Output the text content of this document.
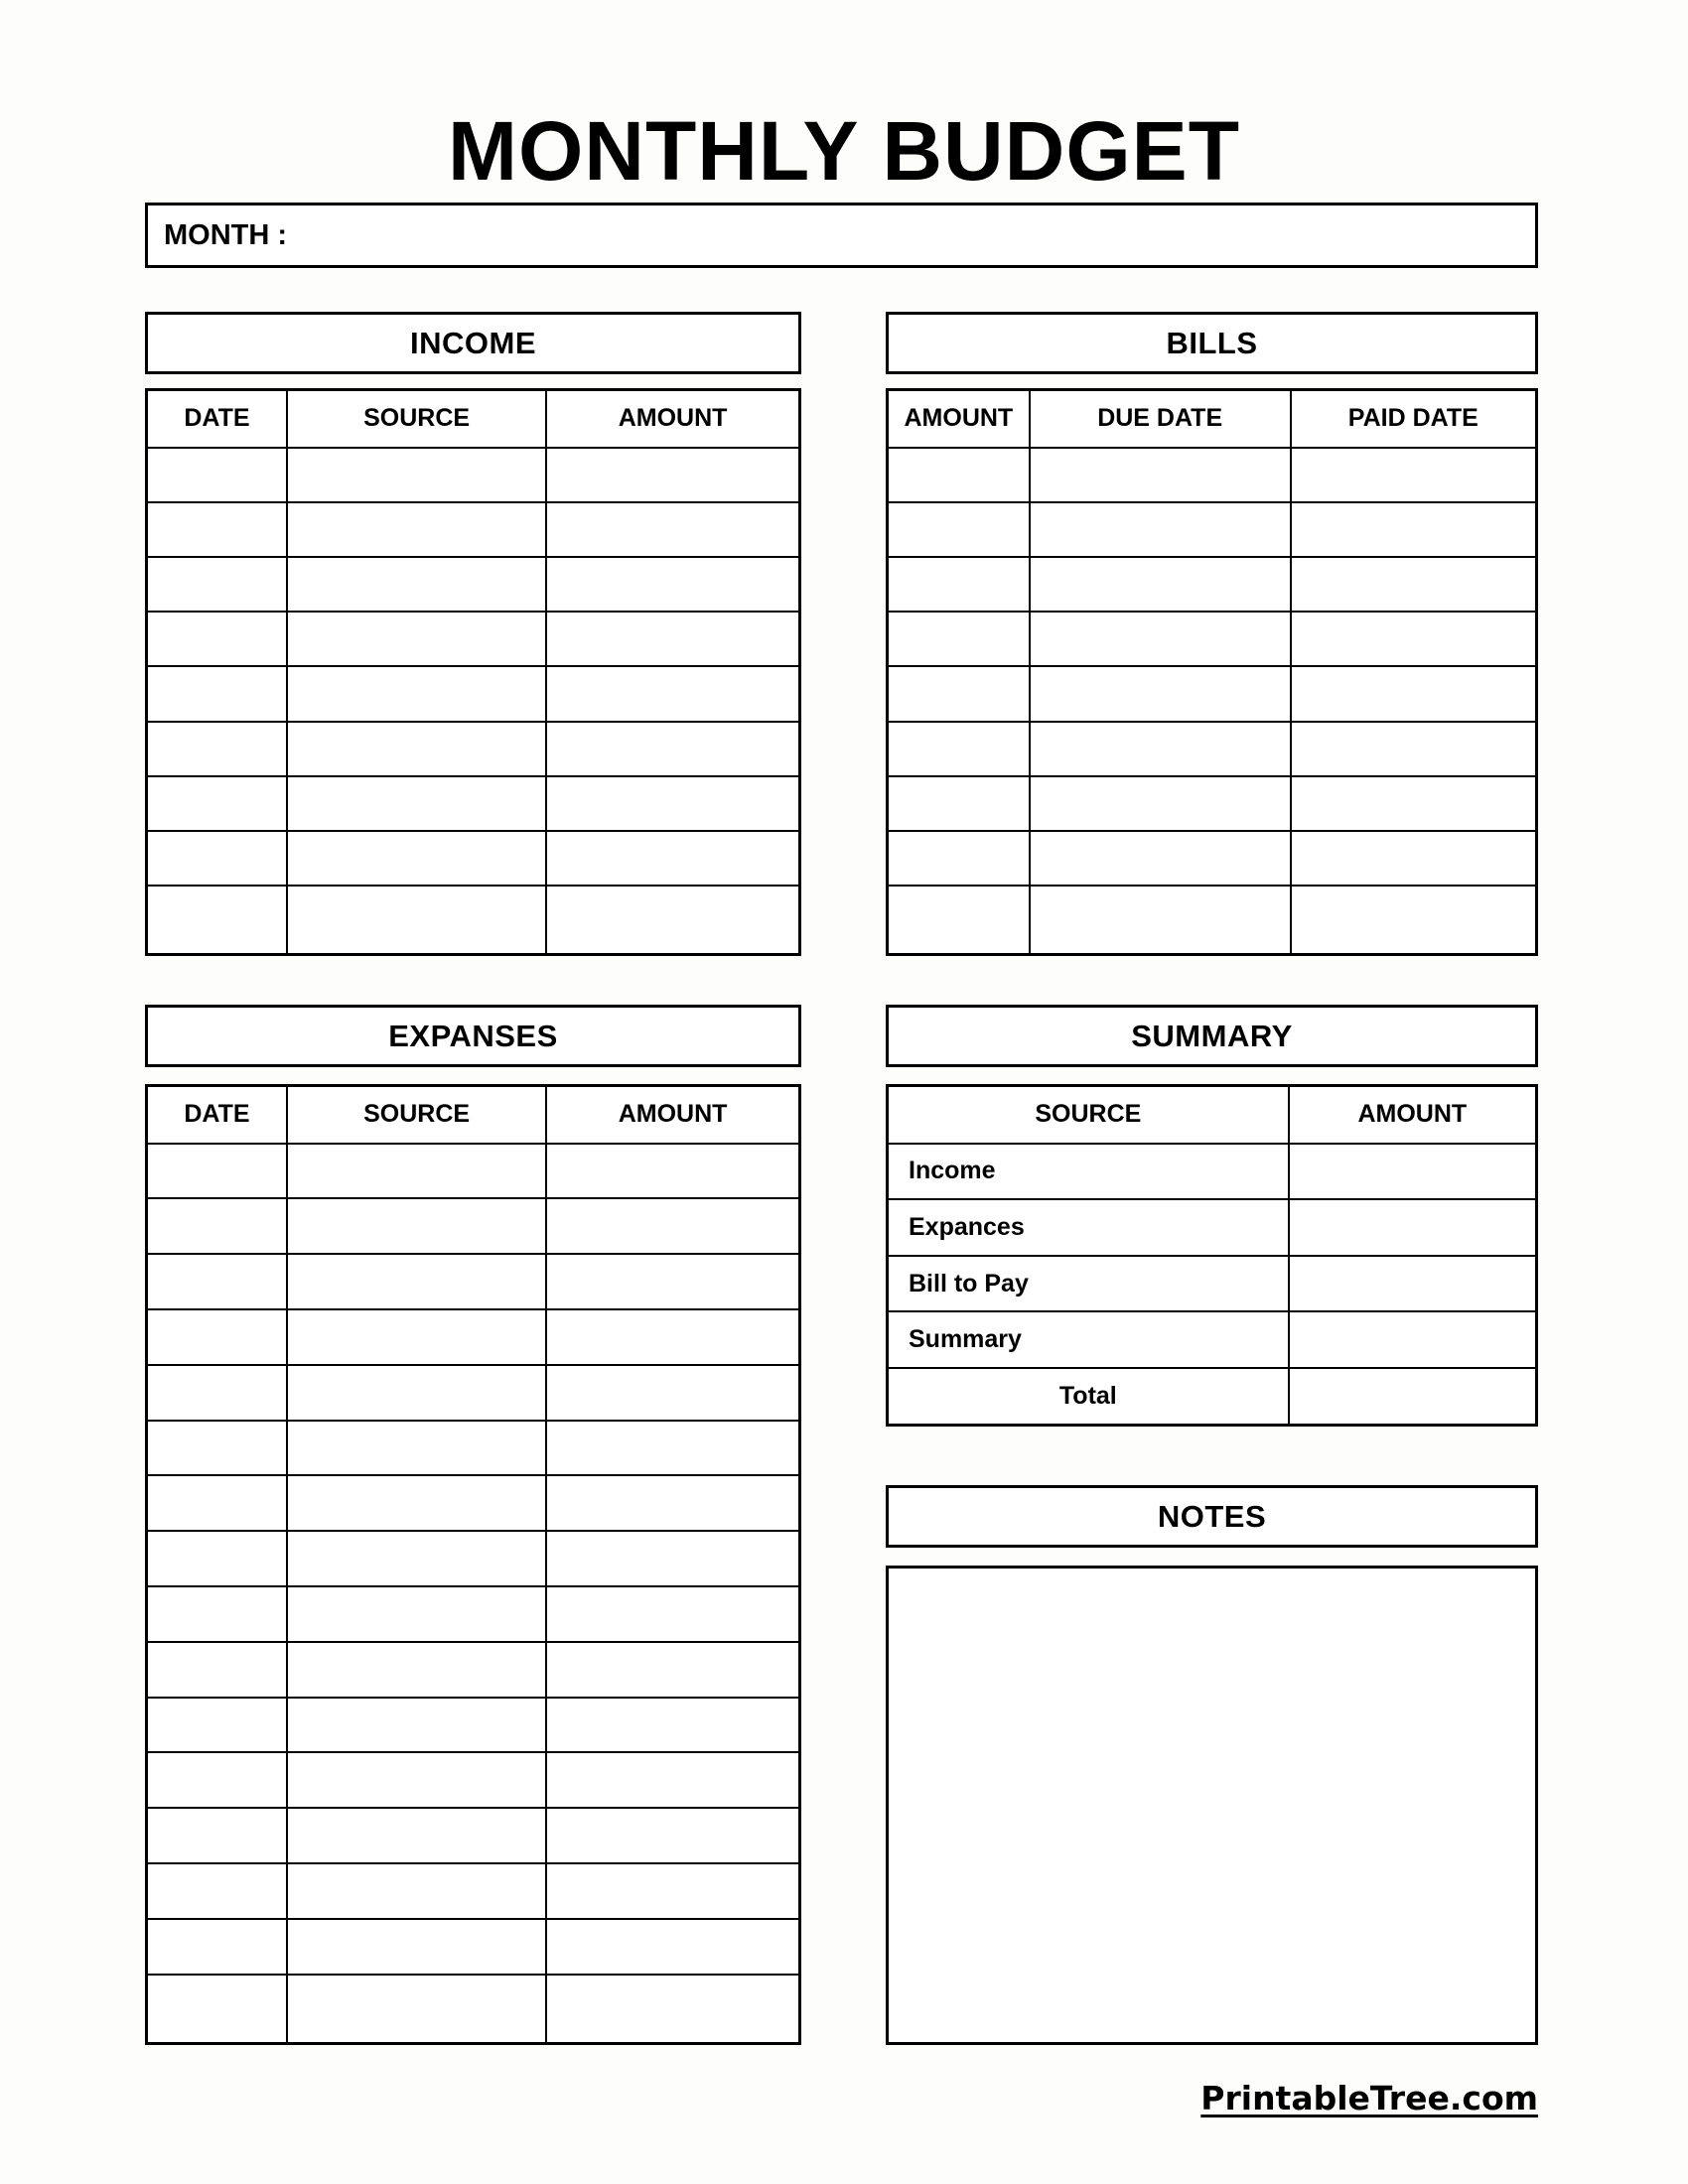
MONTHLY BUDGET
MONTH :
INCOME
DATE	SOURCE	AMOUNT

BILLS
AMOUNT	DUE DATE	PAID DATE

EXPANSES
DATE	SOURCE	AMOUNT

SUMMARY
SOURCE	AMOUNT
Income	
Expances	
Bill to Pay	
Summary	
Total	
NOTES
PrintableTree.com
